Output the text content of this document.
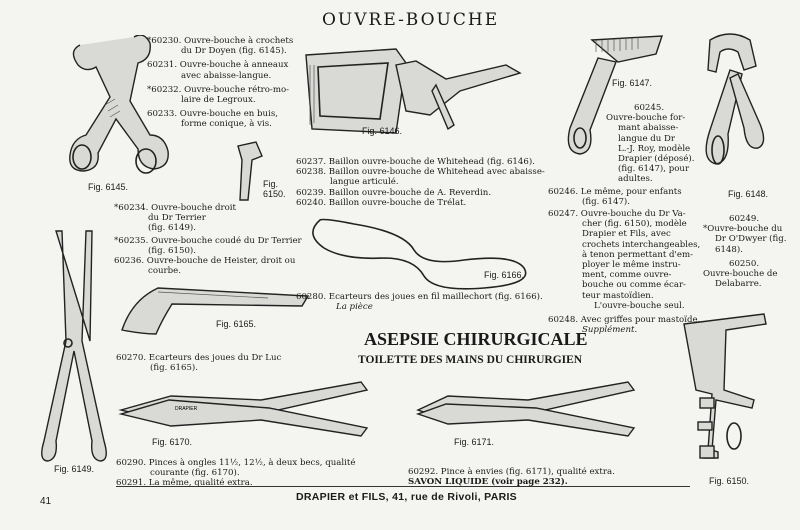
OUVRE-BOUCHE
Fig. 6145.
*60230. Ouvre-bouche à crochets
du Dr Doyen (fig. 6145).
60231. Ouvre-bouche à anneaux
avec abaisse-langue.
*60232. Ouvre-bouche rétro-mo-
laire de Legroux.
60233. Ouvre-bouche en buis,
forme conique, à vis.
Fig. 6150.
*60234. Ouvre-bouche droit
du Dr Terrier
(fig. 6149).
*60235. Ouvre-bouche coudé du Dr Terrier
(fig. 6150).
60236. Ouvre-bouche de Heister, droit ou
courbe.
Fig. 6146.
60237. Baillon ouvre-bouche de Whitehead (fig. 6146).
60238. Baillon ouvre-bouche de Whitehead avec abaisse-
langue articulé.
60239. Baillon ouvre-bouche de A. Reverdin.
60240. Baillon ouvre-bouche de Trélat.
Fig. 6147.
60245.
Ouvre-bouche for-
mant abaisse-
langue du Dr
L.-J. Roy, modèle
Drapier (déposé).
(fig. 6147), pour
adultes.
60246. Le même, pour enfants
(fig. 6147).
60247. Ouvre-bouche du Dr Va-
cher (fig. 6150), modèle
Drapier et Fils, avec
crochets interchangeables,
à tenon permettant d'em-
ployer le même instru-
ment, comme ouvre-
bouche ou comme écar-
teur mastoïdien.
L'ouvre-bouche seul.
60248. Avec griffes pour mastoïde.
Supplément.
Fig. 6148.
60249.
*Ouvre-bouche du
Dr O'Dwyer (fig.
6148).
60250.
Ouvre-bouche de
Delabarre.
Fig. 6149.
Fig. 6165.
60270. Ecarteurs des joues du Dr Luc
(fig. 6165).
Fig. 6166.
60280. Ecarteurs des joues en fil maillechort (fig. 6166).
La pièce
ASEPSIE CHIRURGICALE
TOILETTE DES MAINS DU CHIRURGIEN
Fig. 6150.
DRAPIER
Fig. 6170.	Fig. 6171.
60290. Pinces à ongles 11½, 12½, à deux becs, qualité
courante (fig. 6170).
60291. La même, qualité extra.
60292. Pince à envies (fig. 6171), qualité extra.
SAVON LIQUIDE (voir page 232).
41	DRAPIER et FILS, 41, rue de Rivoli, PARIS
